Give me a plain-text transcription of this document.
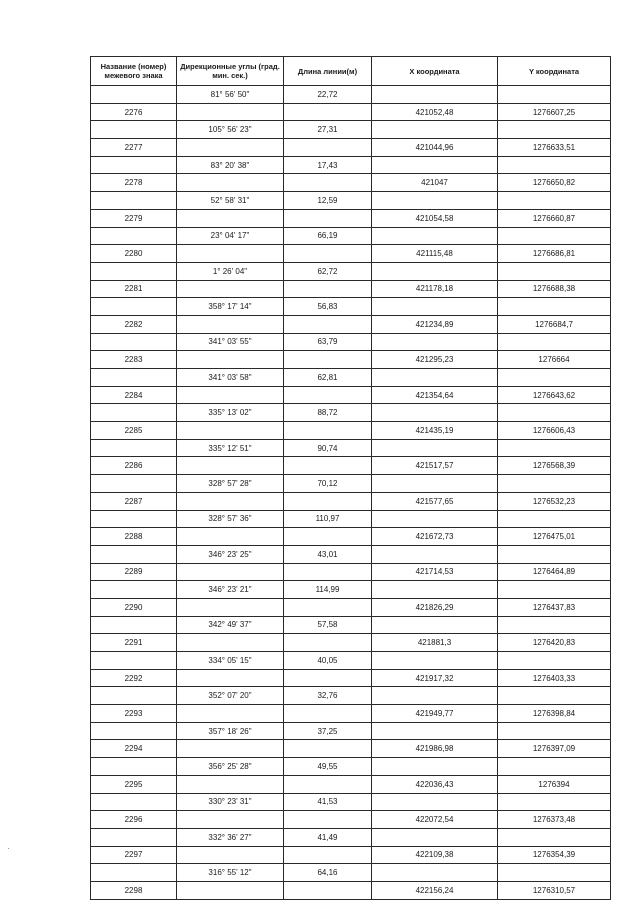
Название (номер) межевого знака	Дирекционные углы (град. мин. сек.)	Длина линии(м)	X координата	Y координата
	81° 56' 50"	22,72		
2276			421052,48	1276607,25
	105° 56' 23"	27,31		
2277			421044,96	1276633,51
	83° 20' 38"	17,43		
2278			421047	1276650,82
	52° 58' 31"	12,59		
2279			421054,58	1276660,87
	23° 04' 17"	66,19		
2280			421115,48	1276686,81
	1° 26' 04"	62,72		
2281			421178,18	1276688,38
	358° 17' 14"	56,83		
2282			421234,89	1276684,7
	341° 03' 55"	63,79		
2283			421295,23	1276664
	341° 03' 58"	62,81		
2284			421354,64	1276643,62
	335° 13' 02"	88,72		
2285			421435,19	1276606,43
	335° 12' 51"	90,74		
2286			421517,57	1276568,39
	328° 57' 28"	70,12		
2287			421577,65	1276532,23
	328° 57' 36"	110,97		
2288			421672,73	1276475,01
	346° 23' 25"	43,01		
2289			421714,53	1276464,89
	346° 23' 21"	114,99		
2290			421826,29	1276437,83
	342° 49' 37"	57,58		
2291			421881,3	1276420,83
	334° 05' 15"	40,05		
2292			421917,32	1276403,33
	352° 07' 20"	32,76		
2293			421949,77	1276398,84
	357° 18' 26"	37,25		
2294			421986,98	1276397,09
	356° 25' 28"	49,55		
2295			422036,43	1276394
	330° 23' 31"	41,53		
2296			422072,54	1276373,48
	332° 36' 27"	41,49		
2297			422109,38	1276354,39
	316° 55' 12"	64,16		
2298			422156,24	1276310,57
